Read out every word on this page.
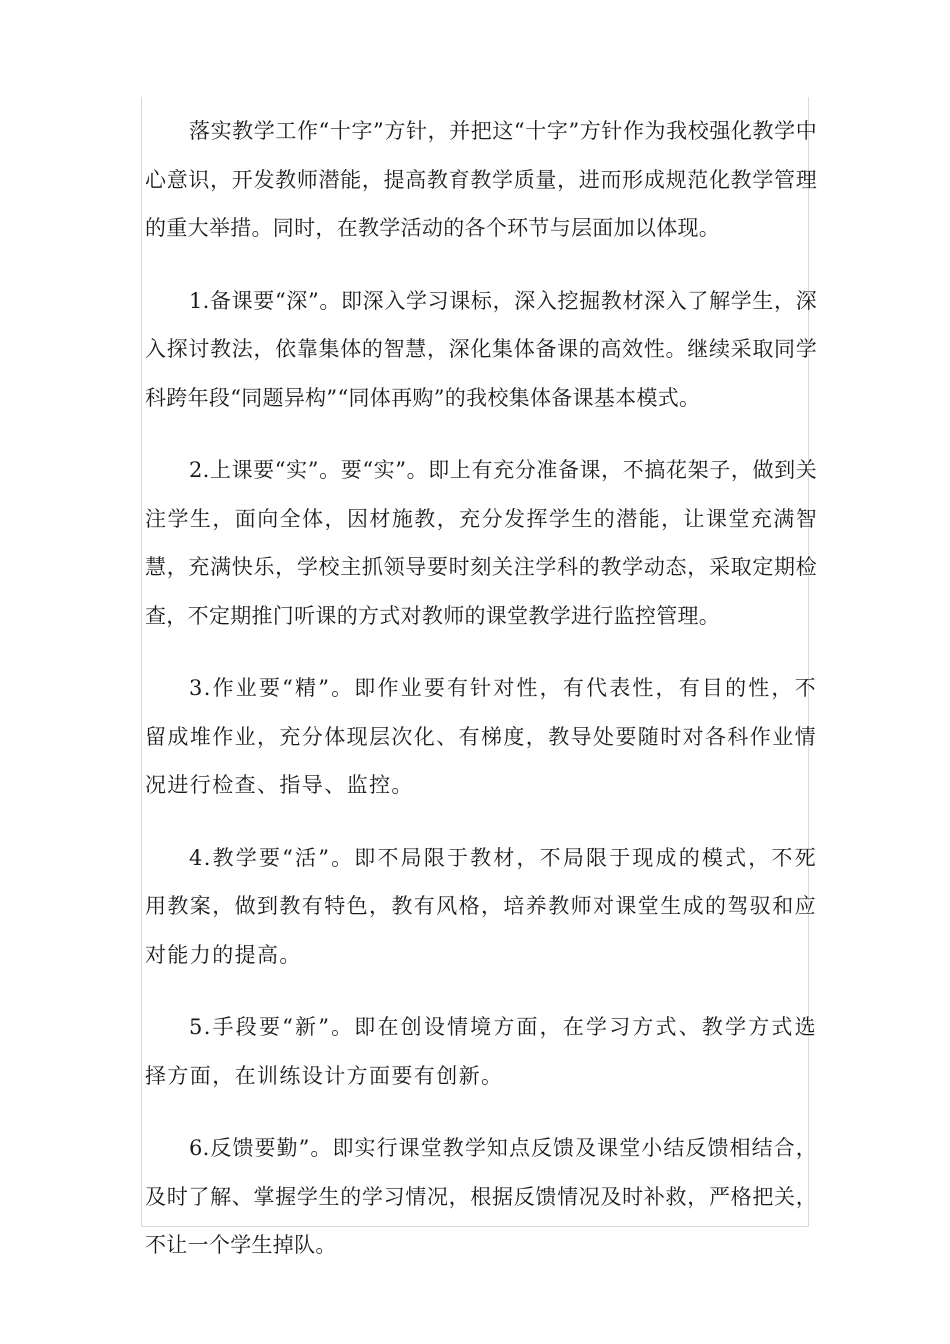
落实教学工作“十字”方针，并把这“十字”方针作为我校强化教学中心意识，开发教师潜能，提高教育教学质量，进而形成规范化教学管理的重大举措。同时，在教学活动的各个环节与层面加以体现。

1.备课要“深”。即深入学习课标，深入挖掘教材深入了解学生，深入探讨教法，依靠集体的智慧，深化集体备课的高效性。继续采取同学科跨年段“同题异构”“同体再购”的我校集体备课基本模式。

2.上课要“实”。要“实”。即上有充分准备课，不搞花架子，做到关注学生，面向全体，因材施教，充分发挥学生的潜能，让课堂充满智慧，充满快乐，学校主抓领导要时刻关注学科的教学动态，采取定期检查，不定期推门听课的方式对教师的课堂教学进行监控管理。

3.作业要“精”。即作业要有针对性，有代表性，有目的性，不留成堆作业，充分体现层次化、有梯度，教导处要随时对各科作业情况进行检查、指导、监控。

4.教学要“活”。即不局限于教材，不局限于现成的模式，不死用教案，做到教有特色，教有风格，培养教师对课堂生成的驾驭和应对能力的提高。

5.手段要“新”。即在创设情境方面，在学习方式、教学方式选择方面，在训练设计方面要有创新。

6.反馈要勤”。即实行课堂教学知点反馈及课堂小结反馈相结合，及时了解、掌握学生的学习情况，根据反馈情况及时补救，严格把关，不让一个学生掉队。
